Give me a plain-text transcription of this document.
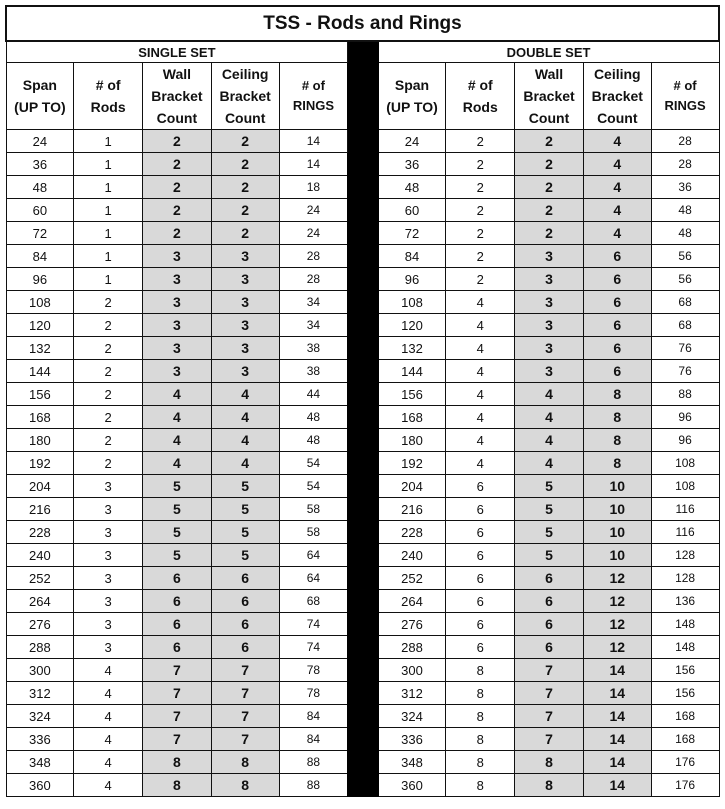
TSS - Rods and Rings										
SINGLE SET						DOUBLE SET				
Span
(UP TO)	# of
Rods	Wall
Bracket
Count	Ceiling
Bracket
Count	# of
RINGS		Span
(UP TO)	# of
Rods	Wall
Bracket
Count	Ceiling
Bracket
Count	# of
RINGS
24	1	2	2	14		24	2	2	4	28
36	1	2	2	14		36	2	2	4	28
48	1	2	2	18		48	2	2	4	36
60	1	2	2	24		60	2	2	4	48
72	1	2	2	24		72	2	2	4	48
84	1	3	3	28		84	2	3	6	56
96	1	3	3	28		96	2	3	6	56
108	2	3	3	34		108	4	3	6	68
120	2	3	3	34		120	4	3	6	68
132	2	3	3	38		132	4	3	6	76
144	2	3	3	38		144	4	3	6	76
156	2	4	4	44		156	4	4	8	88
168	2	4	4	48		168	4	4	8	96
180	2	4	4	48		180	4	4	8	96
192	2	4	4	54		192	4	4	8	108
204	3	5	5	54		204	6	5	10	108
216	3	5	5	58		216	6	5	10	116
228	3	5	5	58		228	6	5	10	116
240	3	5	5	64		240	6	5	10	128
252	3	6	6	64		252	6	6	12	128
264	3	6	6	68		264	6	6	12	136
276	3	6	6	74		276	6	6	12	148
288	3	6	6	74		288	6	6	12	148
300	4	7	7	78		300	8	7	14	156
312	4	7	7	78		312	8	7	14	156
324	4	7	7	84		324	8	7	14	168
336	4	7	7	84		336	8	7	14	168
348	4	8	8	88		348	8	8	14	176
360	4	8	8	88		360	8	8	14	176
